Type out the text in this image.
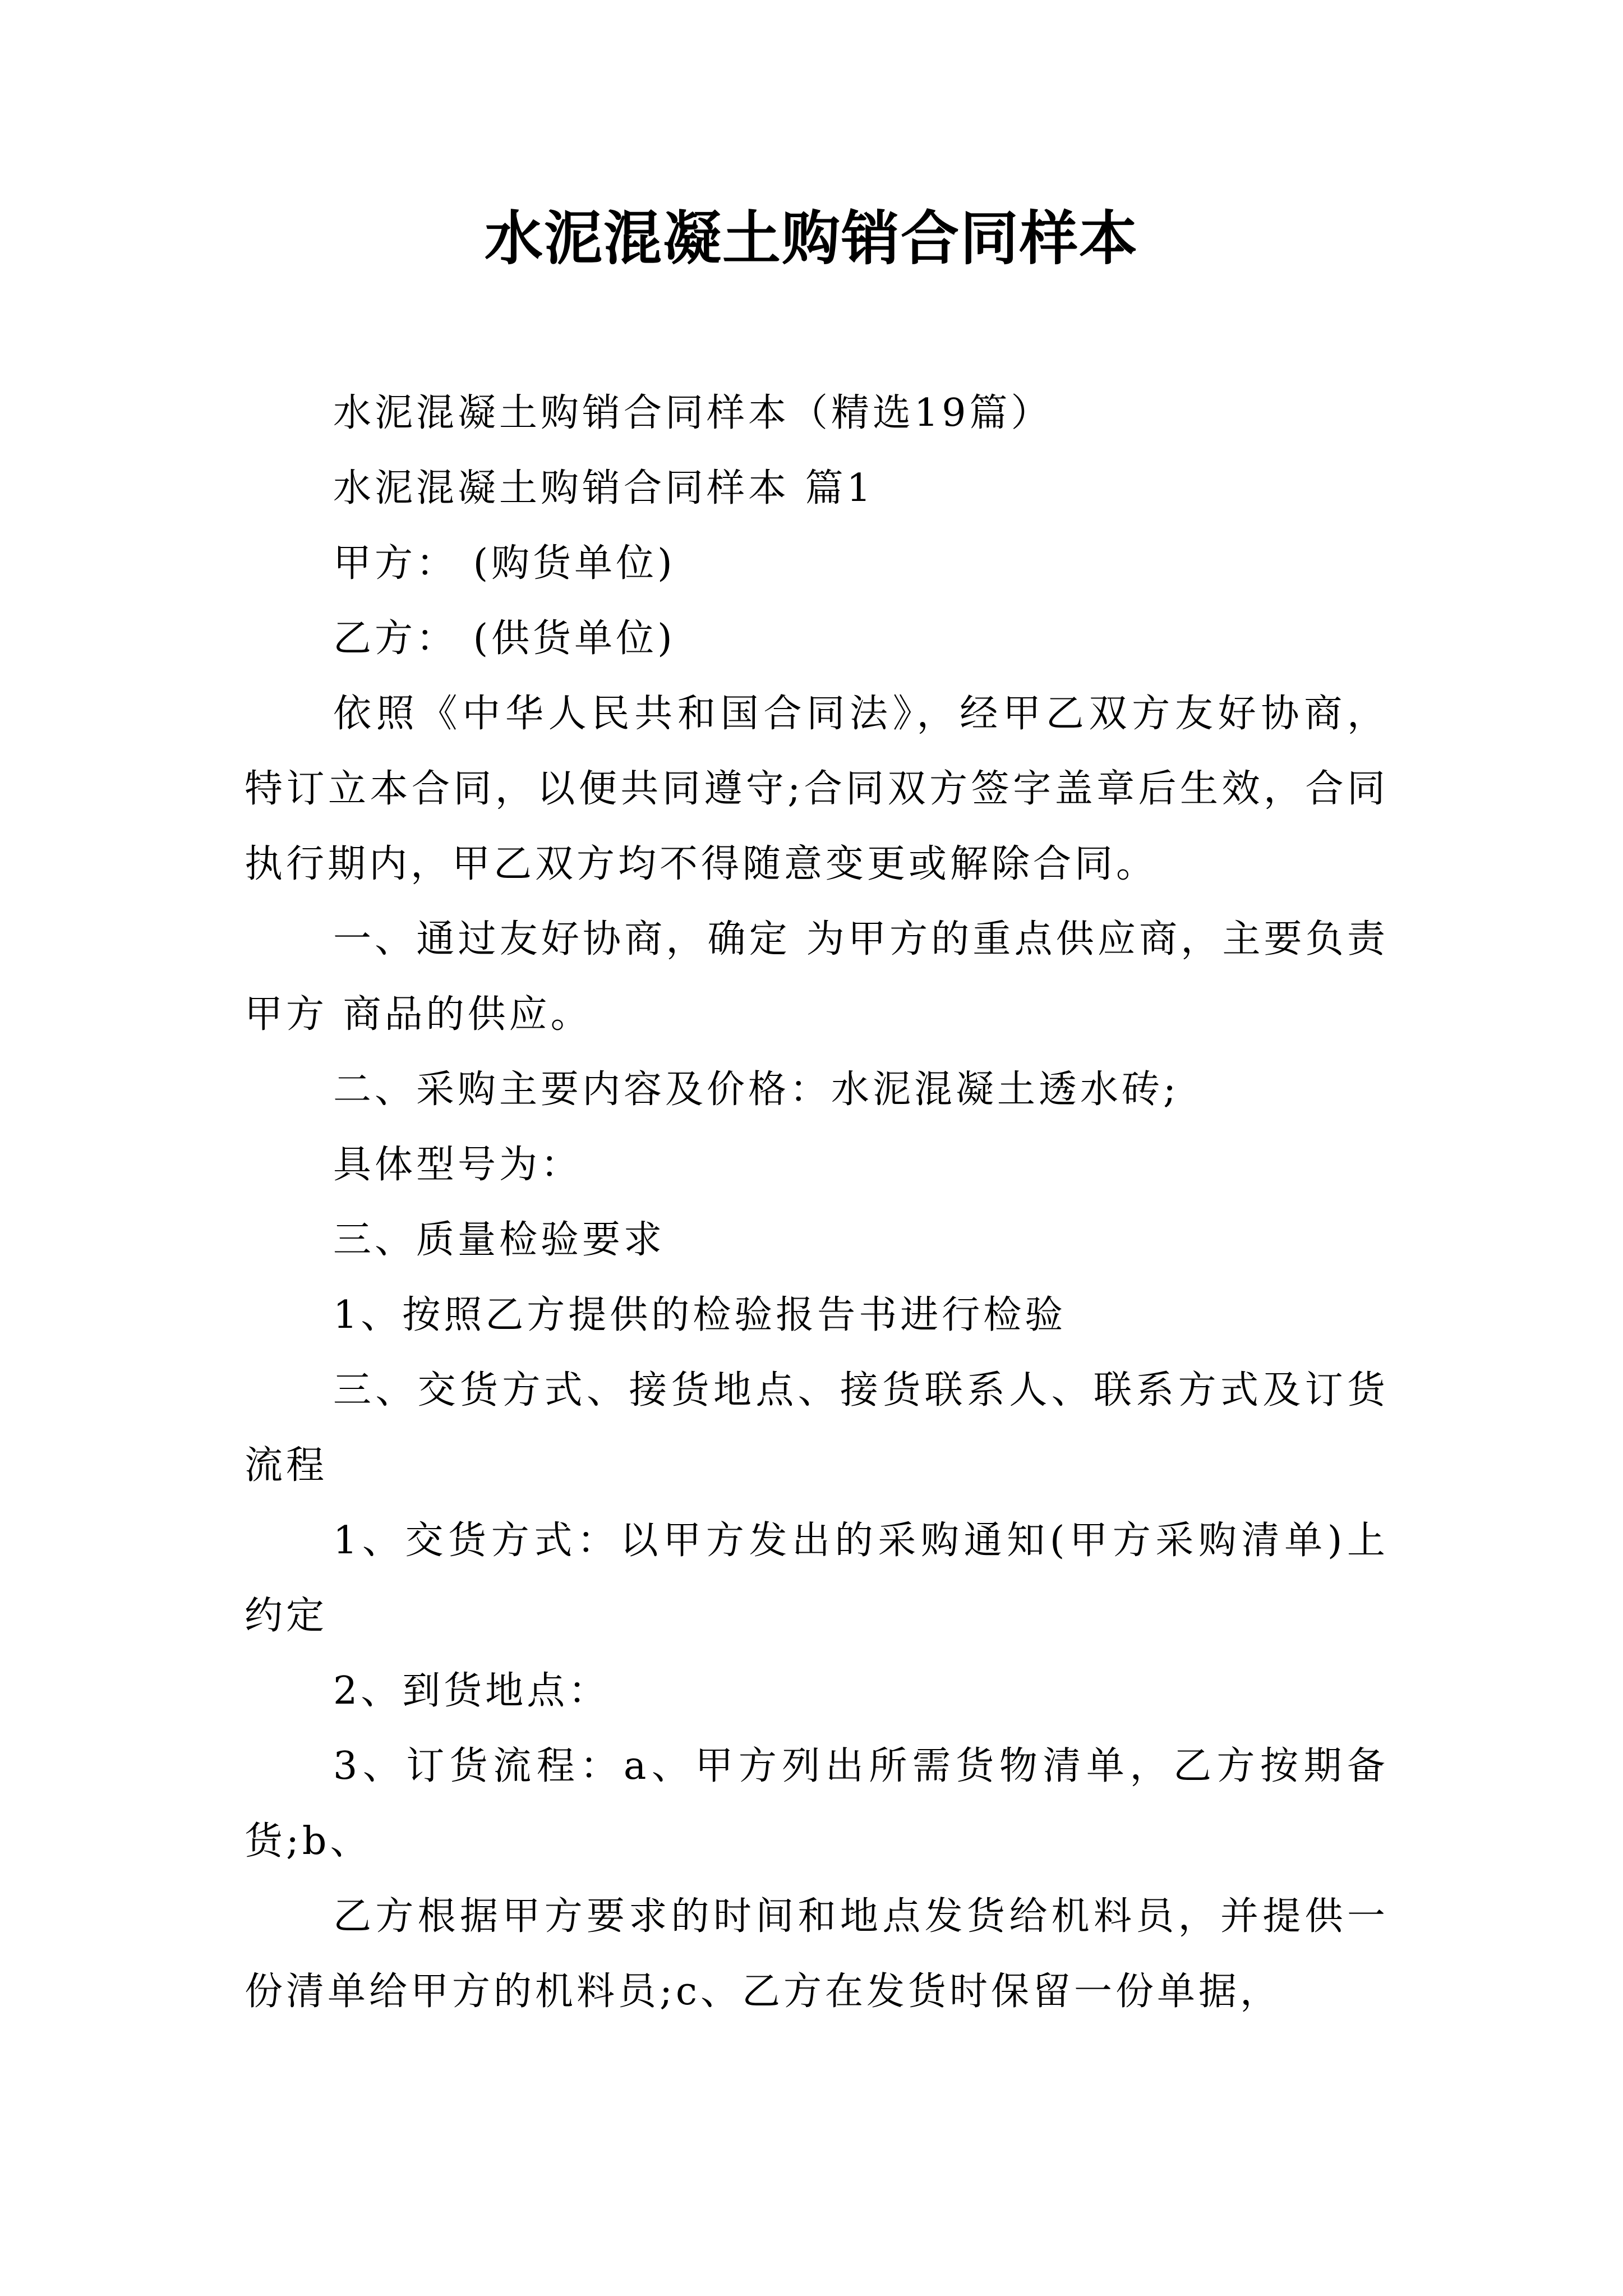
水泥混凝土购销合同样本

水泥混凝土购销合同样本（精选19篇）

水泥混凝土购销合同样本 篇1

甲方： (购货单位)

乙方： (供货单位)

依照《中华人民共和国合同法》，经甲乙双方友好协商，特订立本合同，以便共同遵守;合同双方签字盖章后生效，合同执行期内，甲乙双方均不得随意变更或解除合同。

一、通过友好协商，确定 为甲方的重点供应商，主要负责甲方 商品的供应。

二、采购主要内容及价格：水泥混凝土透水砖;

具体型号为：

三、质量检验要求

1、按照乙方提供的检验报告书进行检验

三、交货方式、接货地点、接货联系人、联系方式及订货流程

1、交货方式：以甲方发出的采购通知(甲方采购清单)上约定

2、到货地点：

3、订货流程：a、甲方列出所需货物清单，乙方按期备货;b、

乙方根据甲方要求的时间和地点发货给机料员，并提供一份清单给甲方的机料员;c、乙方在发货时保留一份单据，
